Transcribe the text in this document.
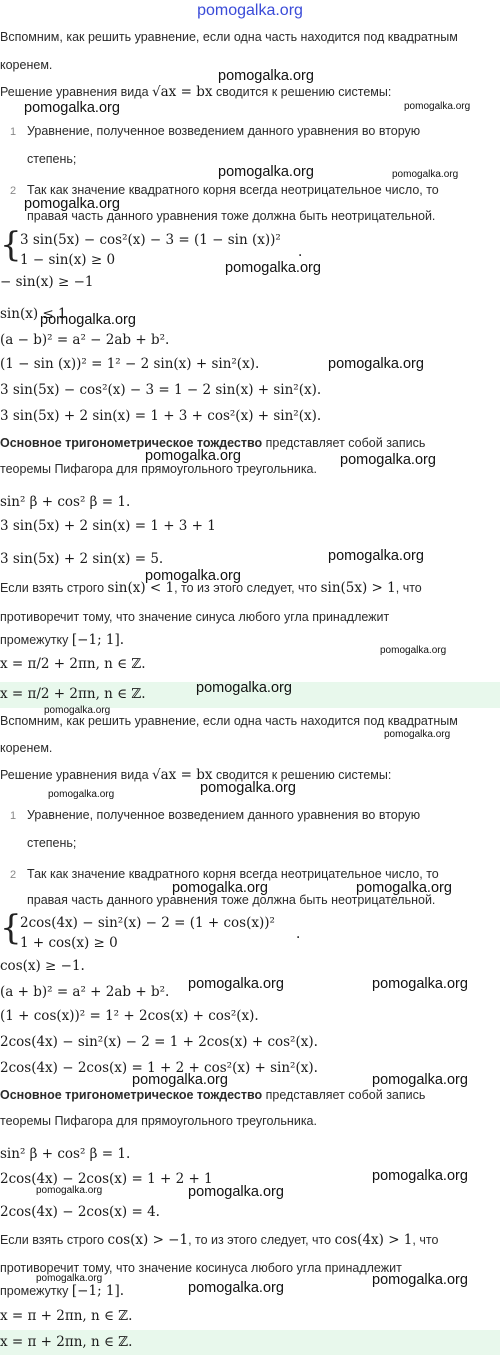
pomogalka.org
Вспомним, как решить уравнение, если одна часть находится под квадратным
коренем.
Решение уравнения вида √ax = bx сводится к решению системы:
1 Уравнение, полученное возведением данного уравнения во вторую
степень;
2 Так как значение квадратного корня всегда неотрицательное число, то
правая часть данного уравнения тоже должна быть неотрицательной.
{
3 sin(5x) − cos²(x) − 3 = (1 − sin (x))²
1 − sin(x) ≥ 0	.
− sin(x) ≥ −1
sin(x) ≤ 1
(a − b)² = a² − 2ab + b².
(1 − sin (x))² = 1² − 2 sin(x) + sin²(x).
3 sin(5x) − cos²(x) − 3 = 1 − 2 sin(x) + sin²(x).
3 sin(5x) + 2 sin(x) = 1 + 3 + cos²(x) + sin²(x).
Основное тригонометрическое тождество представляет собой запись
теоремы Пифагора для прямоугольного треугольника.
sin² β + cos² β = 1.
3 sin(5x) + 2 sin(x) = 1 + 3 + 1
3 sin(5x) + 2 sin(x) = 5.
Если взять строго sin(x) < 1, то из этого следует, что sin(5x) > 1, что
противоречит тому, что значение синуса любого угла принадлежит
промежутку [−1; 1].
x = π/2 + 2πn, n ∈ ℤ.
x = π/2 + 2πn, n ∈ ℤ.
Вспомним, как решить уравнение, если одна часть находится под квадратным
коренем.
Решение уравнения вида √ax = bx сводится к решению системы:
1 Уравнение, полученное возведением данного уравнения во вторую
степень;
2 Так как значение квадратного корня всегда неотрицательное число, то
правая часть данного уравнения тоже должна быть неотрицательной.
{
2cos(4x) − sin²(x) − 2 = (1 + cos(x))²
1 + cos(x) ≥ 0
.
cos(x) ≥ −1.
(a + b)² = a² + 2ab + b².
(1 + cos(x))² = 1² + 2cos(x) + cos²(x).
2cos(4x) − sin²(x) − 2 = 1 + 2cos(x) + cos²(x).
2cos(4x) − 2cos(x) = 1 + 2 + cos²(x) + sin²(x).
Основное тригонометрическое тождество представляет собой запись
теоремы Пифагора для прямоугольного треугольника.
sin² β + cos² β = 1.
2cos(4x) − 2cos(x) = 1 + 2 + 1
2cos(4x) − 2cos(x) = 4.
Если взять строго cos(x) > −1, то из этого следует, что cos(4x) > 1, что
противоречит тому, что значение косинуса любого угла принадлежит
промежутку [−1; 1].
x = π + 2πn, n ∈ ℤ.
x = π + 2πn, n ∈ ℤ.
pomogalka.org
pomogalka.org	pomogalka.org
pomogalka.org	pomogalka.org
pomogalka.org
pomogalka.org
pomogalka.org
pomogalka.org
pomogalka.org	pomogalka.org
pomogalka.org
pomogalka.org
pomogalka.org
pomogalka.org
pomogalka.org
pomogalka.org
pomogalka.org
pomogalka.org
pomogalka.org	pomogalka.org
pomogalka.org	pomogalka.org
pomogalka.org	pomogalka.org
pomogalka.org
pomogalka.org	pomogalka.org
pomogalka.org	pomogalka.org
pomogalka.org
